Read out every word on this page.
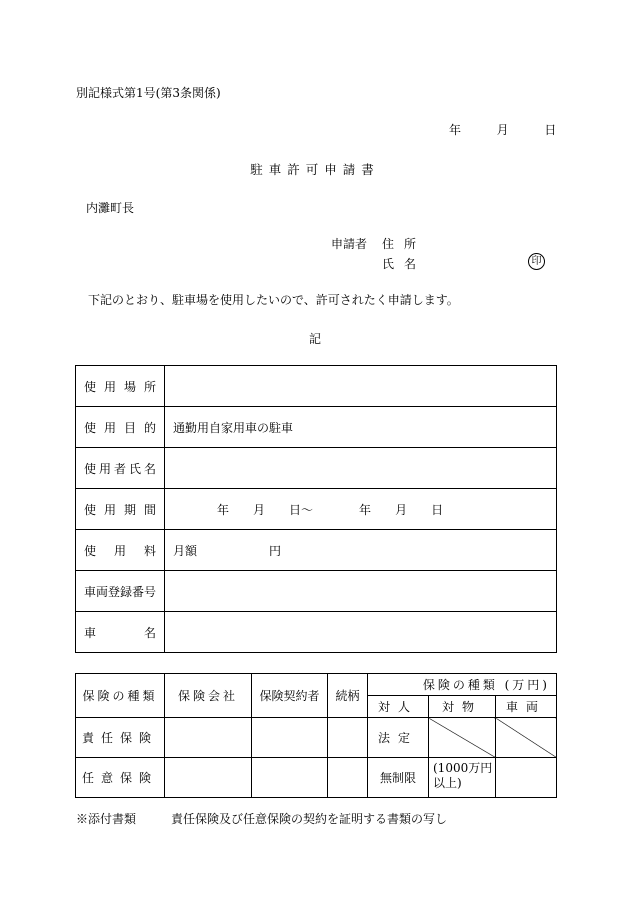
別記様式第1号(第3条関係)
年	月	日
駐車許可申請書
内灘町長
申請者 住所
氏名	印
下記のとおり、駐車場を使用したいので、許可されたく申請します。
記
使 用 場 所	

使 用 目 的	通勤用自家用車の駐車

使 用 者 氏 名	

使 用 期 間	年 月 日〜 年 月 日

使 用 料	月額 円

車両登録番号	

車 名	

保険の種類	保険会社	保険契約者	続柄	保険の種類 (万円)		
				対人	対物	車両
責任保険				法定		
任意保険				無制限	(1000万円以上)	
※添付書類	責任保険及び任意保険の契約を証明する書類の写し
